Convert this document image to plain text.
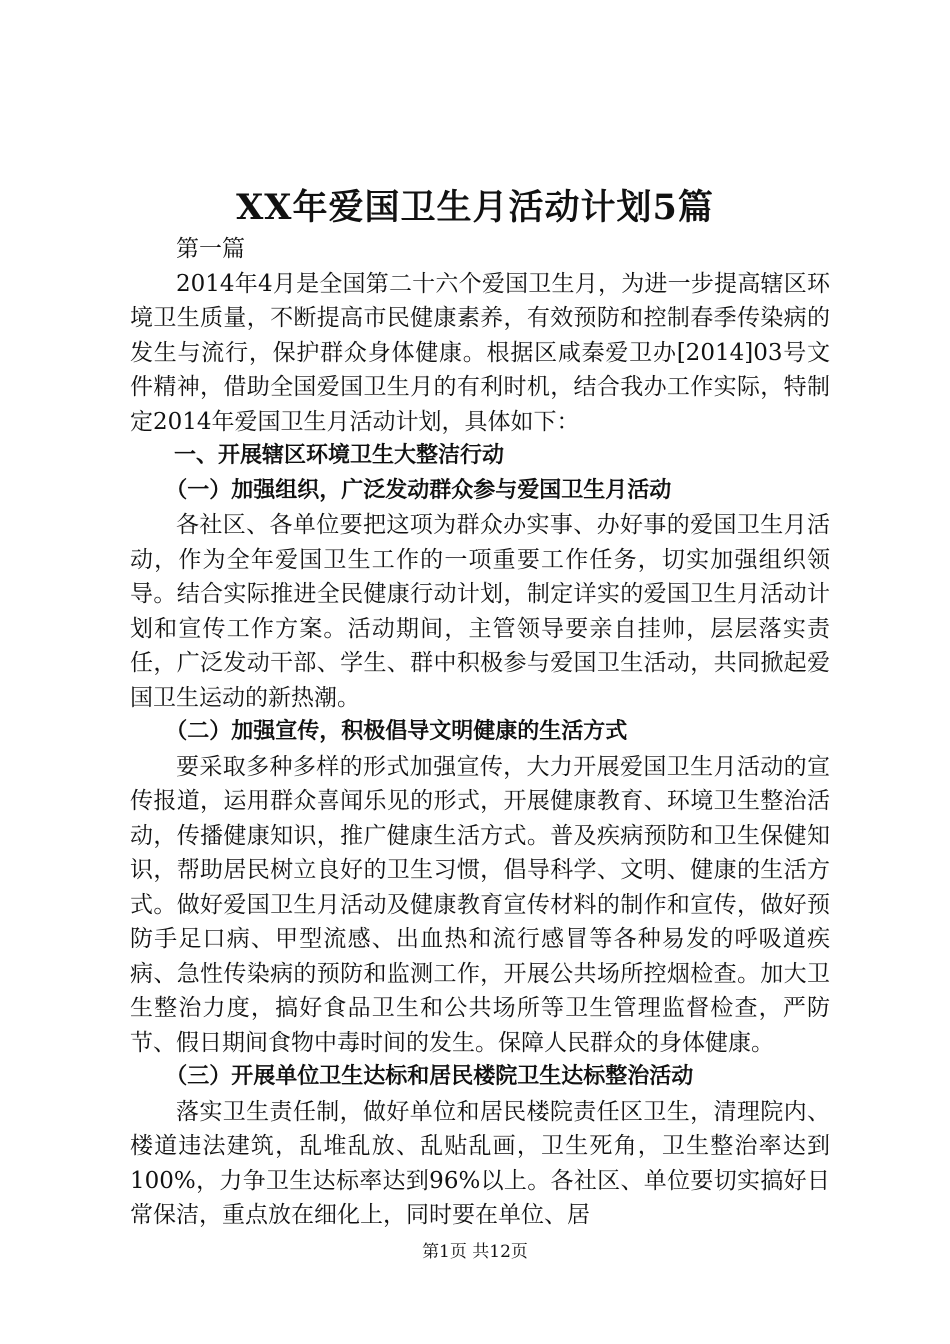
XX年爱国卫生月活动计划5篇

第一篇

2014年4月是全国第二十六个爱国卫生月，为进一步提高辖区环境卫生质量，不断提高市民健康素养，有效预防和控制春季传染病的发生与流行，保护群众身体健康。根据区咸秦爱卫办[2014]03号文件精神，借助全国爱国卫生月的有利时机，结合我办工作实际，特制定2014年爱国卫生月活动计划，具体如下：

一、开展辖区环境卫生大整洁行动
（一）加强组织，广泛发动群众参与爱国卫生月活动

各社区、各单位要把这项为群众办实事、办好事的爱国卫生月活动，作为全年爱国卫生工作的一项重要工作任务，切实加强组织领导。结合实际推进全民健康行动计划，制定详实的爱国卫生月活动计划和宣传工作方案。活动期间，主管领导要亲自挂帅，层层落实责任，广泛发动干部、学生、群中积极参与爱国卫生活动，共同掀起爱国卫生运动的新热潮。

（二）加强宣传，积极倡导文明健康的生活方式

要采取多种多样的形式加强宣传，大力开展爱国卫生月活动的宣传报道，运用群众喜闻乐见的形式，开展健康教育、环境卫生整治活动，传播健康知识，推广健康生活方式。普及疾病预防和卫生保健知识，帮助居民树立良好的卫生习惯，倡导科学、文明、健康的生活方式。做好爱国卫生月活动及健康教育宣传材料的制作和宣传，做好预防手足口病、甲型流感、出血热和流行感冒等各种易发的呼吸道疾病、急性传染病的预防和监测工作，开展公共场所控烟检查。加大卫生整治力度，搞好食品卫生和公共场所等卫生管理监督检查，严防节、假日期间食物中毒时间的发生。保障人民群众的身体健康。

（三）开展单位卫生达标和居民楼院卫生达标整治活动

落实卫生责任制，做好单位和居民楼院责任区卫生，清理院内、楼道违法建筑，乱堆乱放、乱贴乱画，卫生死角，卫生整治率达到100%，力争卫生达标率达到96%以上。各社区、单位要切实搞好日常保洁，重点放在细化上，同时要在单位、居

第1页 共12页
